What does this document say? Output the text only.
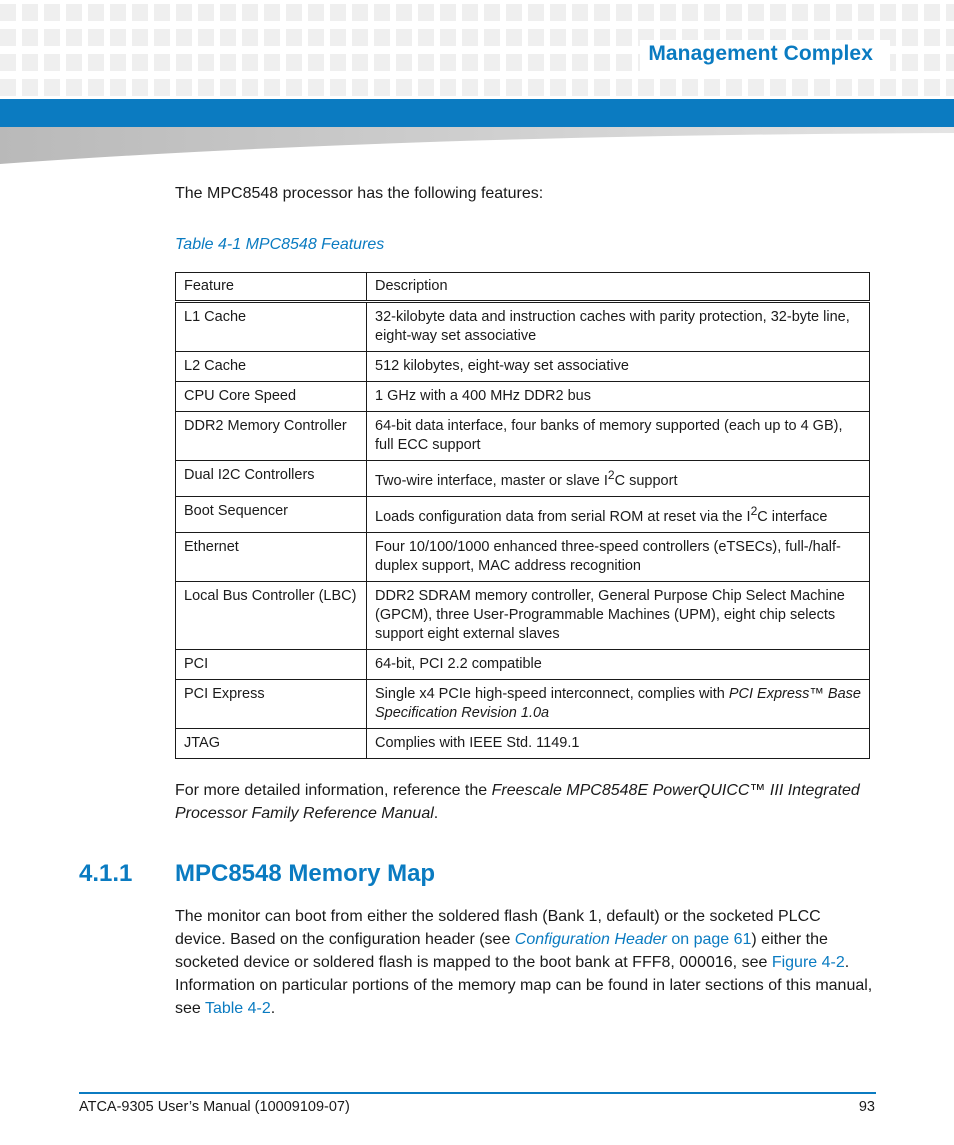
Management Complex
The MPC8548 processor has the following features:
Table 4-1 MPC8548 Features
Feature	Description
L1 Cache	32-kilobyte data and instruction caches with parity protection, 32-byte line, eight-way set associative
L2 Cache	512 kilobytes, eight-way set associative
CPU Core Speed	1 GHz with a 400 MHz DDR2 bus
DDR2 Memory Controller	64-bit data interface, four banks of memory supported (each up to 4 GB), full ECC support
Dual I2C Controllers	Two-wire interface, master or slave $I^2C$ support
Boot Sequencer	Loads configuration data from serial ROM at reset via the $I^2C$ interface
Ethernet	Four 10/100/1000 enhanced three-speed controllers (eTSECs), full-/half-duplex support, MAC address recognition
Local Bus Controller (LBC)	DDR2 SDRAM memory controller, General Purpose Chip Select Machine (GPCM), three User-Programmable Machines (UPM), eight chip selects support eight external slaves
PCI	64-bit, PCI 2.2 compatible
PCI Express	Single x4 PCIe high-speed interconnect, complies with PCI Express™ Base Specification Revision 1.0a
JTAG	Complies with IEEE Std. 1149.1
For more detailed information, reference the Freescale MPC8548E PowerQUICC™ III Integrated Processor Family Reference Manual.
4.1.1 MPC8548 Memory Map
The monitor can boot from either the soldered flash (Bank 1, default) or the socketed PLCC device. Based on the configuration header (see Configuration Header on page 61) either the socketed device or soldered flash is mapped to the boot bank at FFF8, 000016, see Figure 4-2. Information on particular portions of the memory map can be found in later sections of this manual, see Table 4-2.
ATCA-9305 User’s Manual (10009109-07)	93
